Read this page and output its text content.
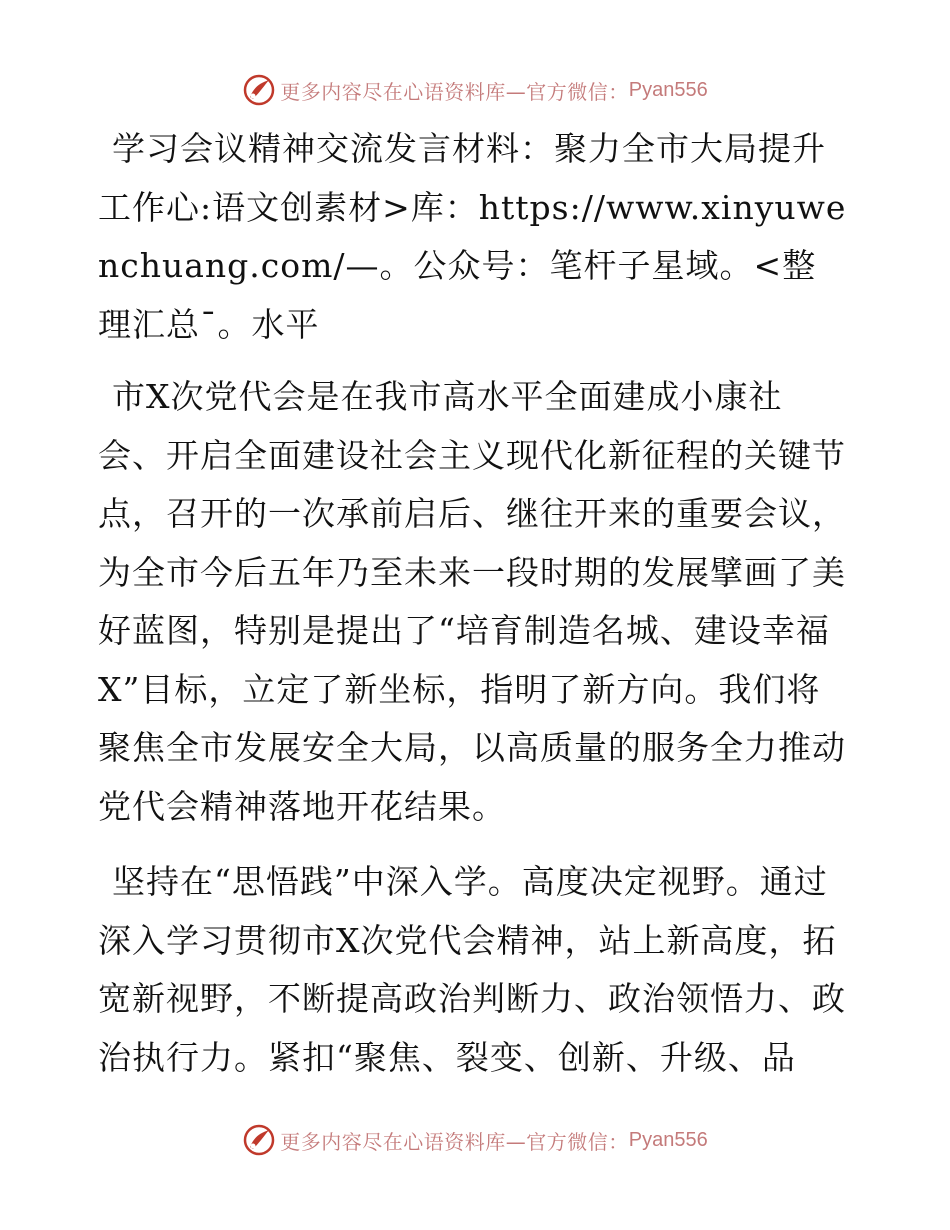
更多内容尽在心语资料库—官方微信： Pyan556

学习会议精神交流发言材料：聚力全市大局提升工作心:语文创素材>库：https://www.xinyuwenchuang.com/—。公众号：笔杆子星域。<整理汇总¯。水平

市X次党代会是在我市高水平全面建成小康社会、开启全面建设社会主义现代化新征程的关键节点，召开的一次承前启后、继往开来的重要会议，为全市今后五年乃至未来一段时期的发展擘画了美好蓝图，特别是提出了“培育制造名城、建设幸福X”目标，立定了新坐标，指明了新方向。我们将聚焦全市发展安全大局，以高质量的服务全力推动党代会精神落地开花结果。

坚持在“思悟践”中深入学。高度决定视野。通过深入学习贯彻市X次党代会精神，站上新高度，拓宽新视野，不断提高政治判断力、政治领悟力、政治执行力。紧扣“聚焦、裂变、创新、升级、品

更多内容尽在心语资料库—官方微信： Pyan556
